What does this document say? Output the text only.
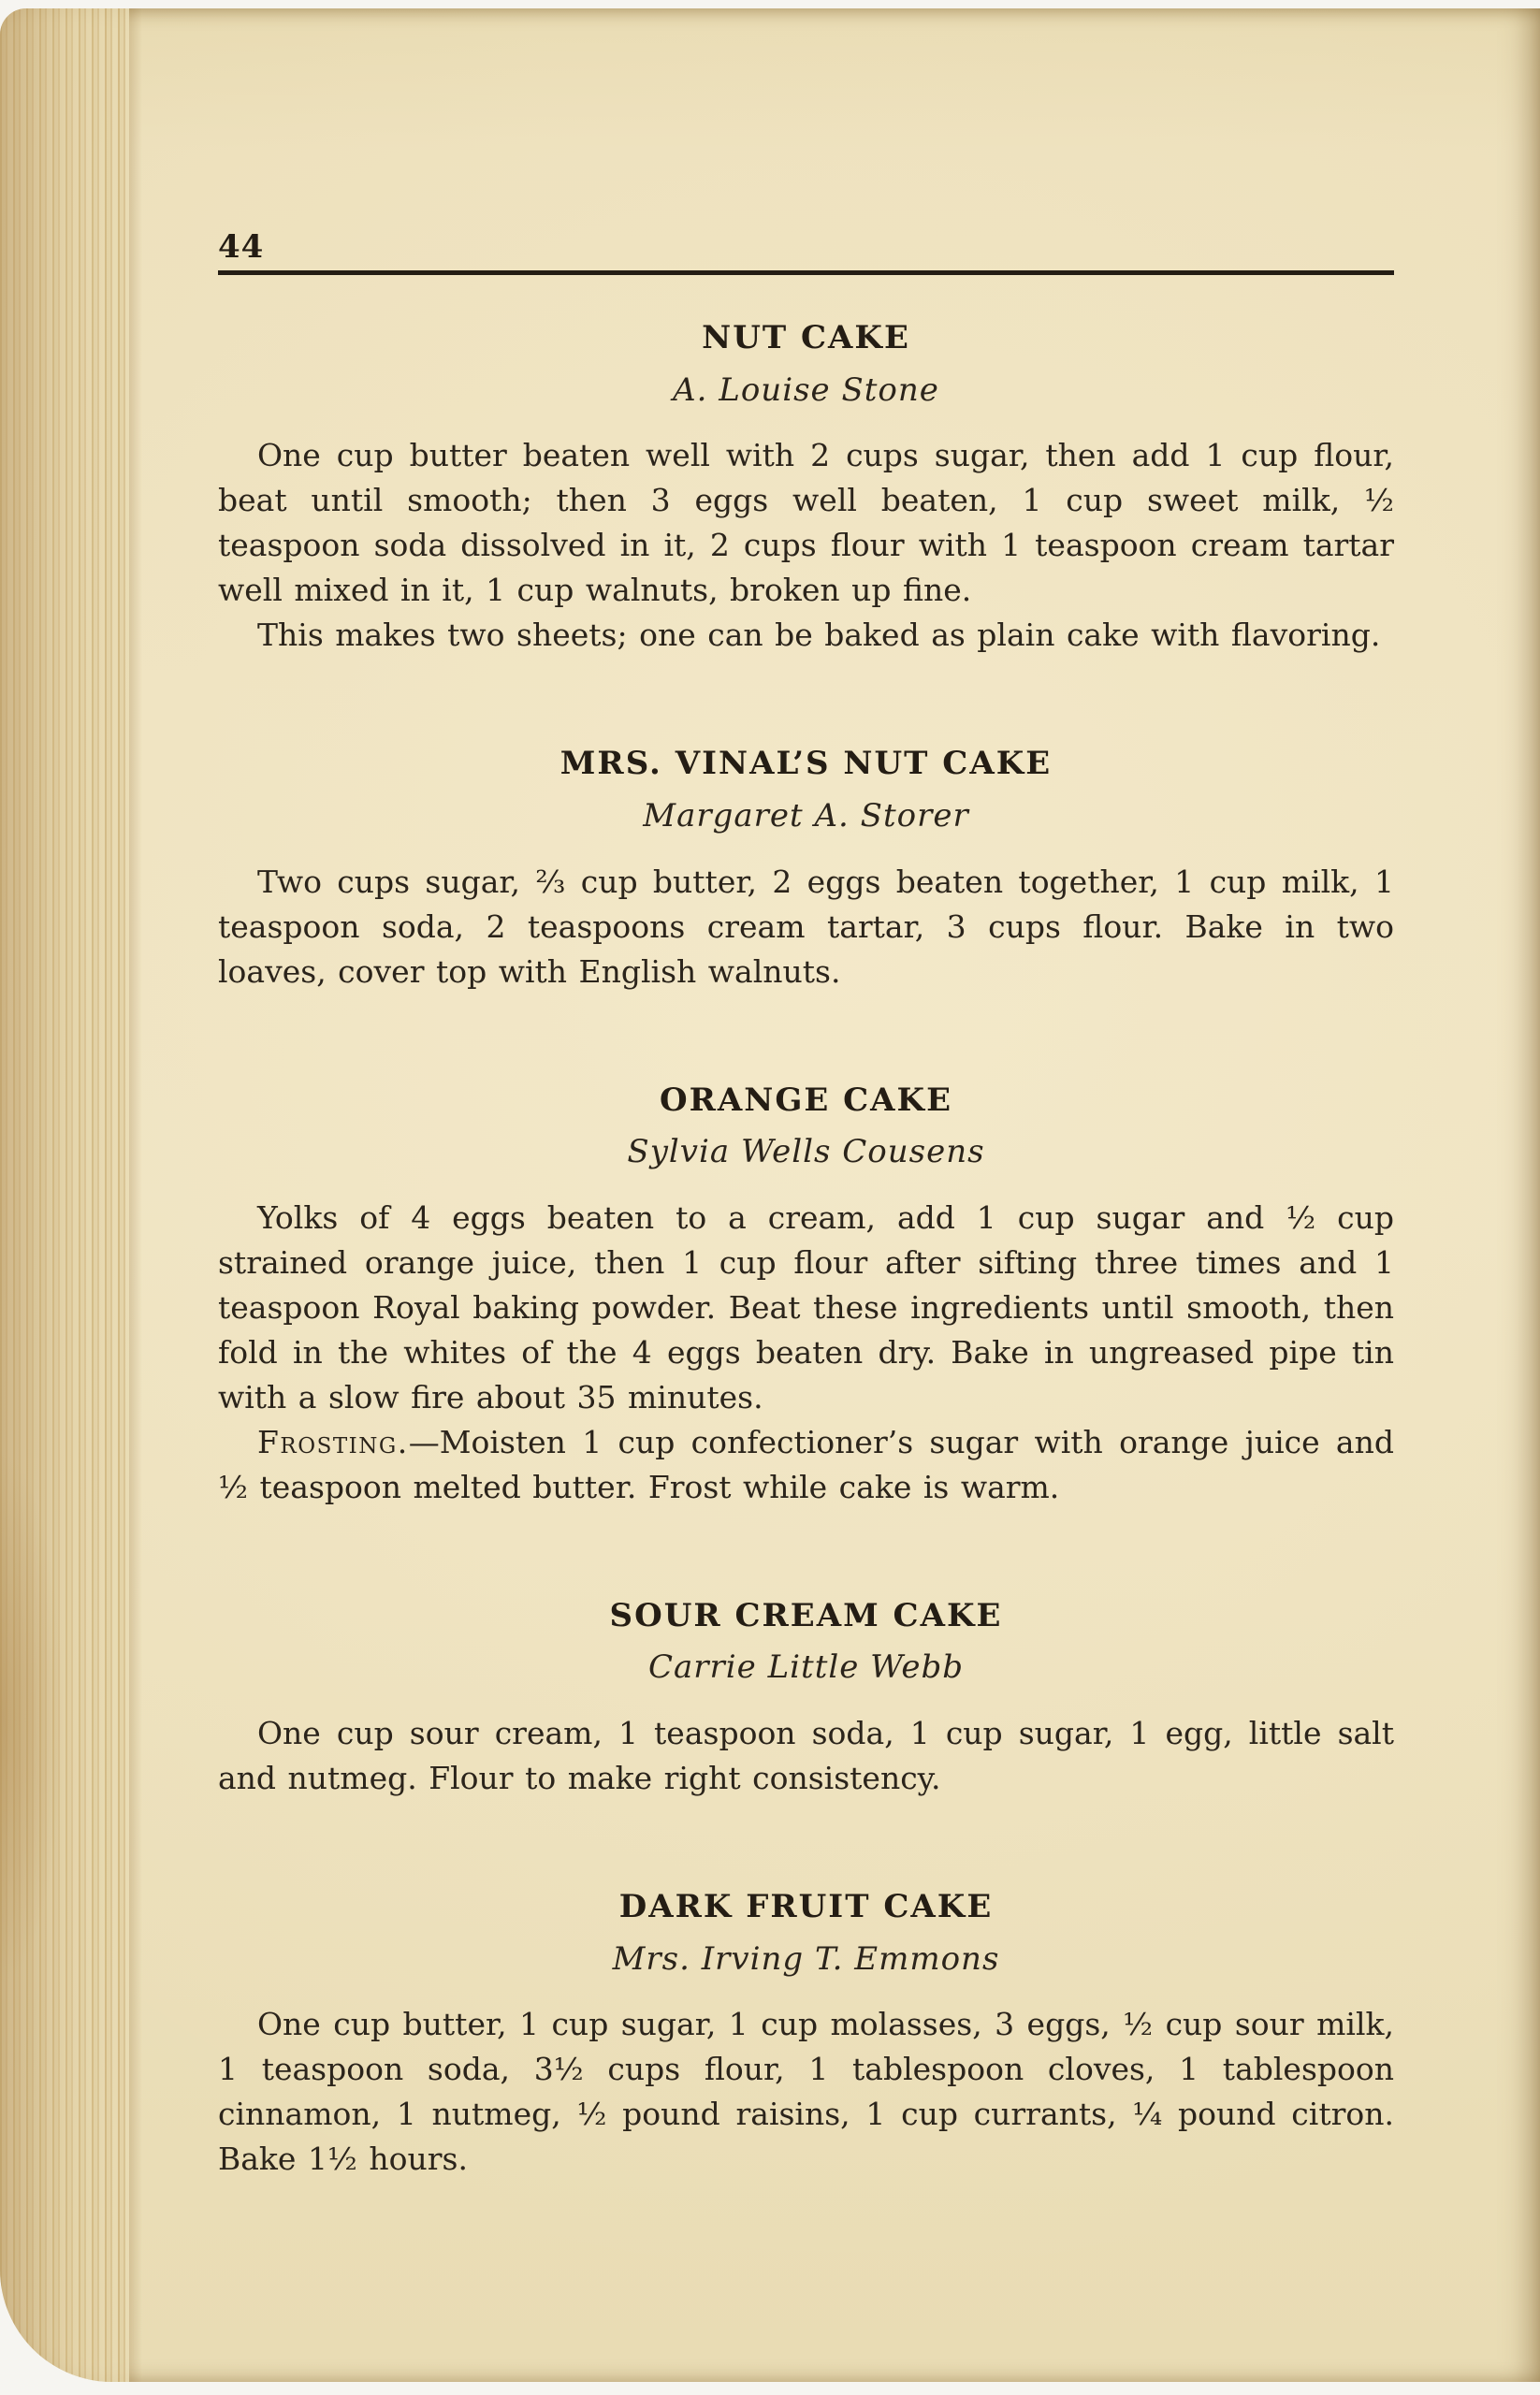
44
NUT CAKE

A. Louise Stone

One cup butter beaten well with 2 cups sugar, then add 1 cup flour, beat until smooth; then 3 eggs well beaten, 1 cup sweet milk, ½ teaspoon soda dissolved in it, 2 cups flour with 1 teaspoon cream tartar well mixed in it, 1 cup walnuts, broken up fine.

This makes two sheets; one can be baked as plain cake with flavoring.

MRS. VINAL’S NUT CAKE

Margaret A. Storer

Two cups sugar, ⅔ cup butter, 2 eggs beaten together, 1 cup milk, 1 teaspoon soda, 2 teaspoons cream tartar, 3 cups flour. Bake in two loaves, cover top with English walnuts.

ORANGE CAKE

Sylvia Wells Cousens

Yolks of 4 eggs beaten to a cream, add 1 cup sugar and ½ cup strained orange juice, then 1 cup flour after sifting three times and 1 teaspoon Royal baking powder. Beat these ingredients until smooth, then fold in the whites of the 4 eggs beaten dry. Bake in ungreased pipe tin with a slow fire about 35 minutes.

Frosting.—Moisten 1 cup confectioner’s sugar with orange juice and ½ teaspoon melted butter. Frost while cake is warm.

SOUR CREAM CAKE

Carrie Little Webb

One cup sour cream, 1 teaspoon soda, 1 cup sugar, 1 egg, little salt and nutmeg. Flour to make right consistency.

DARK FRUIT CAKE

Mrs. Irving T. Emmons

One cup butter, 1 cup sugar, 1 cup molasses, 3 eggs, ½ cup sour milk, 1 teaspoon soda, 3½ cups flour, 1 tablespoon cloves, 1 tablespoon cinnamon, 1 nutmeg, ½ pound raisins, 1 cup currants, ¼ pound citron. Bake 1½ hours.
